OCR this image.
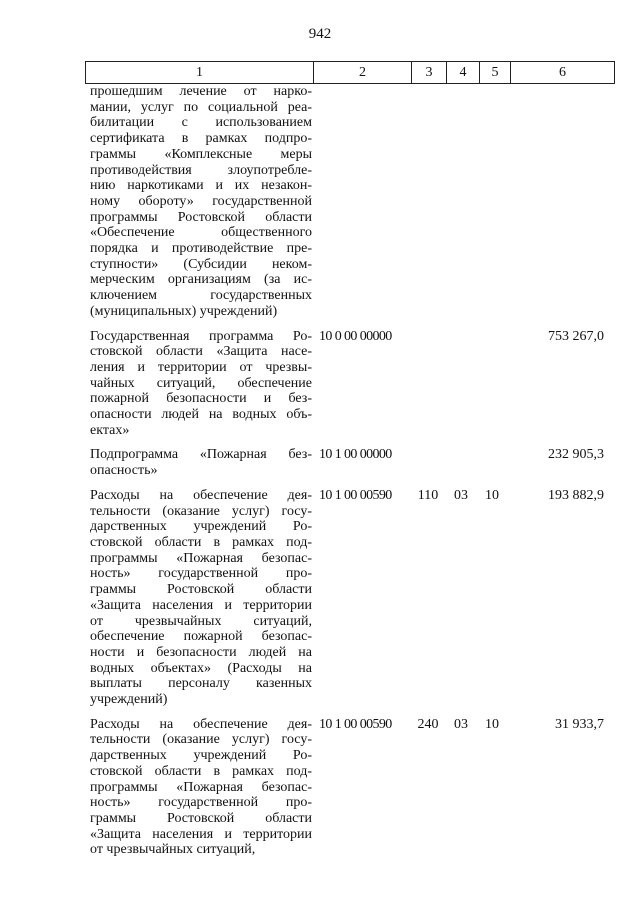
942
1	2	3	4	5	6
прошедшим лечение от нарко-
мании, услуг по социальной реа-
билитации с использованием
сертификата в рамках подпро-
граммы «Комплексные меры
противодействия злоупотребле-
нию наркотиками и их незакон-
ному обороту» государственной
программы Ростовской области
«Обеспечение общественного
порядка и противодействие пре-
ступности» (Субсидии неком-
мерческим организациям (за ис-
ключением государственных
(муниципальных) учреждений)
Государственная программа Ро-
стовской области «Защита насе-
ления и территории от чрезвы-
чайных ситуаций, обеспечение
пожарной безопасности и без-
опасности людей на водных объ-
ектах»
10 0 00 00000	753 267,0
Подпрограмма «Пожарная без-
опасность»
10 1 00 00000	232 905,3
Расходы на обеспечение дея-
тельности (оказание услуг) госу-
дарственных учреждений Ро-
стовской области в рамках под-
программы «Пожарная безопас-
ность» государственной про-
граммы Ростовской области
«Защита населения и территории
от чрезвычайных ситуаций,
обеспечение пожарной безопас-
ности и безопасности людей на
водных объектах» (Расходы на
выплаты персоналу казенных
учреждений)
10 1 00 00590	110	03	10	193 882,9
Расходы на обеспечение дея-
тельности (оказание услуг) госу-
дарственных учреждений Ро-
стовской области в рамках под-
программы «Пожарная безопас-
ность» государственной про-
граммы Ростовской области
«Защита населения и территории
от чрезвычайных ситуаций,
10 1 00 00590	240	03	10	31 933,7
